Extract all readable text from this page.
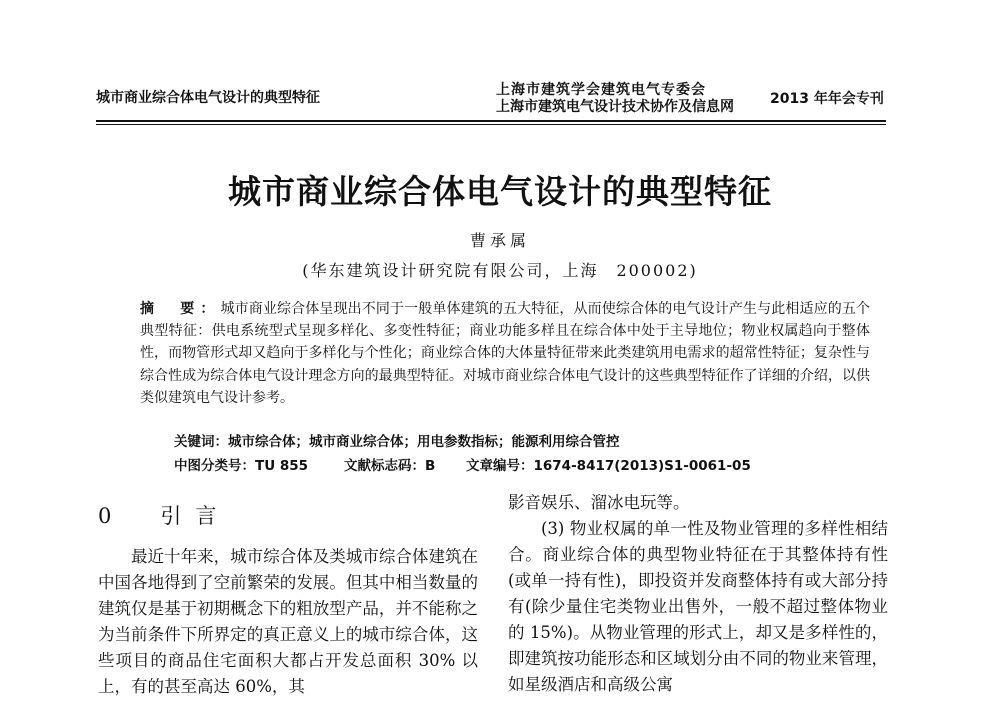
城市商业综合体电气设计的典型特征	上海市建筑学会建筑电气专委会
上海市建筑电气设计技术协作及信息网	2013 年年会专刊
城市商业综合体电气设计的典型特征
曹承属
(华东建筑设计研究院有限公司，上海　200002)
摘　要：城市商业综合体呈现出不同于一般单体建筑的五大特征，从而使综合体的电气设计产生与此相适应的五个典型特征：供电系统型式呈现多样化、多变性特征；商业功能多样且在综合体中处于主导地位；物业权属趋向于整体性，而物管形式却又趋向于多样化与个性化；商业综合体的大体量特征带来此类建筑用电需求的超常性特征；复杂性与综合性成为综合体电气设计理念方向的最典型特征。对城市商业综合体电气设计的这些典型特征作了详细的介绍，以供类似建筑电气设计参考。
关键词：城市综合体；城市商业综合体；用电参数指标；能源利用综合管控
中图分类号：TU 855	文献标志码：B 文章编号：1674-8417(2013)S1-0061-05
0　 引言

最近十年来，城市综合体及类城市综合体建筑在中国各地得到了空前繁荣的发展。但其中相当数量的建筑仅是基于初期概念下的粗放型产品，并不能称之为当前条件下所界定的真正意义上的城市综合体，这些项目的商品住宅面积大都占开发总面积 30% 以上，有的甚至高达 60%，其

影音娱乐、溜冰电玩等。

(3) 物业权属的单一性及物业管理的多样性相结合。商业综合体的典型物业特征在于其整体持有性(或单一持有性)，即投资并发商整体持有或大部分持有(除少量住宅类物业出售外，一般不超过整体物业的 15%)。从物业管理的形式上，却又是多样性的，即建筑按功能形态和区域划分由不同的物业来管理，如星级酒店和高级公寓
